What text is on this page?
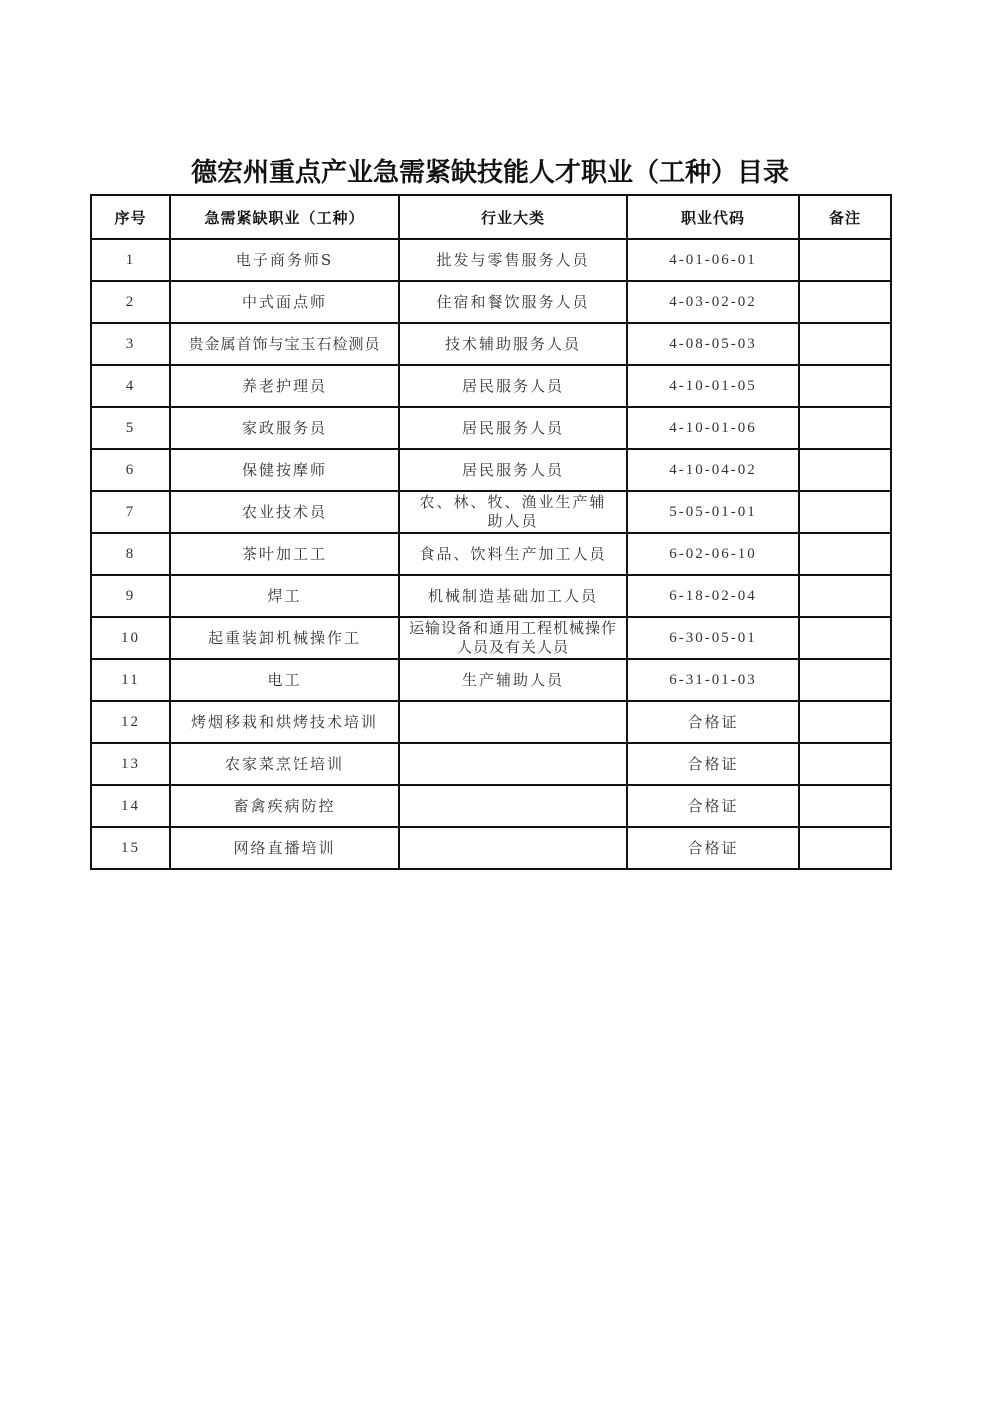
德宏州重点产业急需紧缺技能人才职业（工种）目录
序号	急需紧缺职业（工种）	行业大类	职业代码	备注
1	电子商务师S	批发与零售服务人员	4-01-06-01	
2	中式面点师	住宿和餐饮服务人员	4-03-02-02	
3	贵金属首饰与宝玉石检测员	技术辅助服务人员	4-08-05-03	
4	养老护理员	居民服务人员	4-10-01-05	
5	家政服务员	居民服务人员	4-10-01-06	
6	保健按摩师	居民服务人员	4-10-04-02	
7	农业技术员	农、林、牧、渔业生产辅助人员	5-05-01-01	
8	茶叶加工工	食品、饮料生产加工人员	6-02-06-10	
9	焊工	机械制造基础加工人员	6-18-02-04	
10	起重装卸机械操作工	运输设备和通用工程机械操作人员及有关人员	6-30-05-01	
11	电工	生产辅助人员	6-31-01-03	
12	烤烟移栽和烘烤技术培训		合格证	
13	农家菜烹饪培训		合格证	
14	畜禽疾病防控		合格证	
15	网络直播培训		合格证	
